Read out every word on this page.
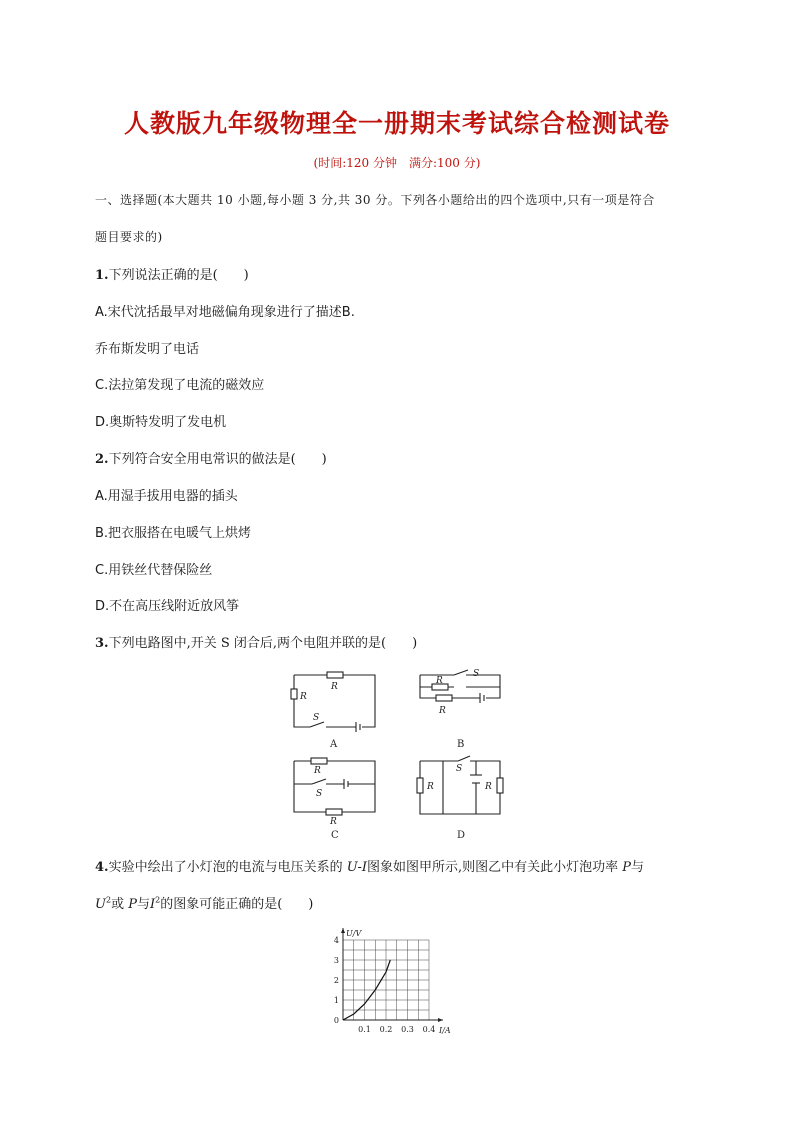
人教版九年级物理全一册期末考试综合检测试卷
(时间:120 分钟　满分:100 分)
一、选择题(本大题共 10 小题,每小题 3 分,共 30 分。下列各小题给出的四个选项中,只有一项是符合
题目要求的)
1.下列说法正确的是(　　)
A.宋代沈括最早对地磁偏角现象进行了描述B.
乔布斯发明了电话
C.法拉第发现了电流的磁效应
D.奥斯特发明了发电机
2.下列符合安全用电常识的做法是(　　)
A.用湿手拔用电器的插头
B.把衣服搭在电暖气上烘烤
C.用铁丝代替保险丝
D.不在高压线附近放风筝
3.下列电路图中,开关 S 闭合后,两个电阻并联的是(　　)
R
R
S
S
R
R
R
S
R
R
S
R
A	B
C	D
4.实验中绘出了小灯泡的电流与电压关系的 U-I图象如图甲所示,则图乙中有关此小灯泡功率 P与
$U^2$或 P与$I^2$的图象可能正确的是(　　)
0
1
2
3
4
0.1 0.2 0.3 0.4
U/V
I/A
